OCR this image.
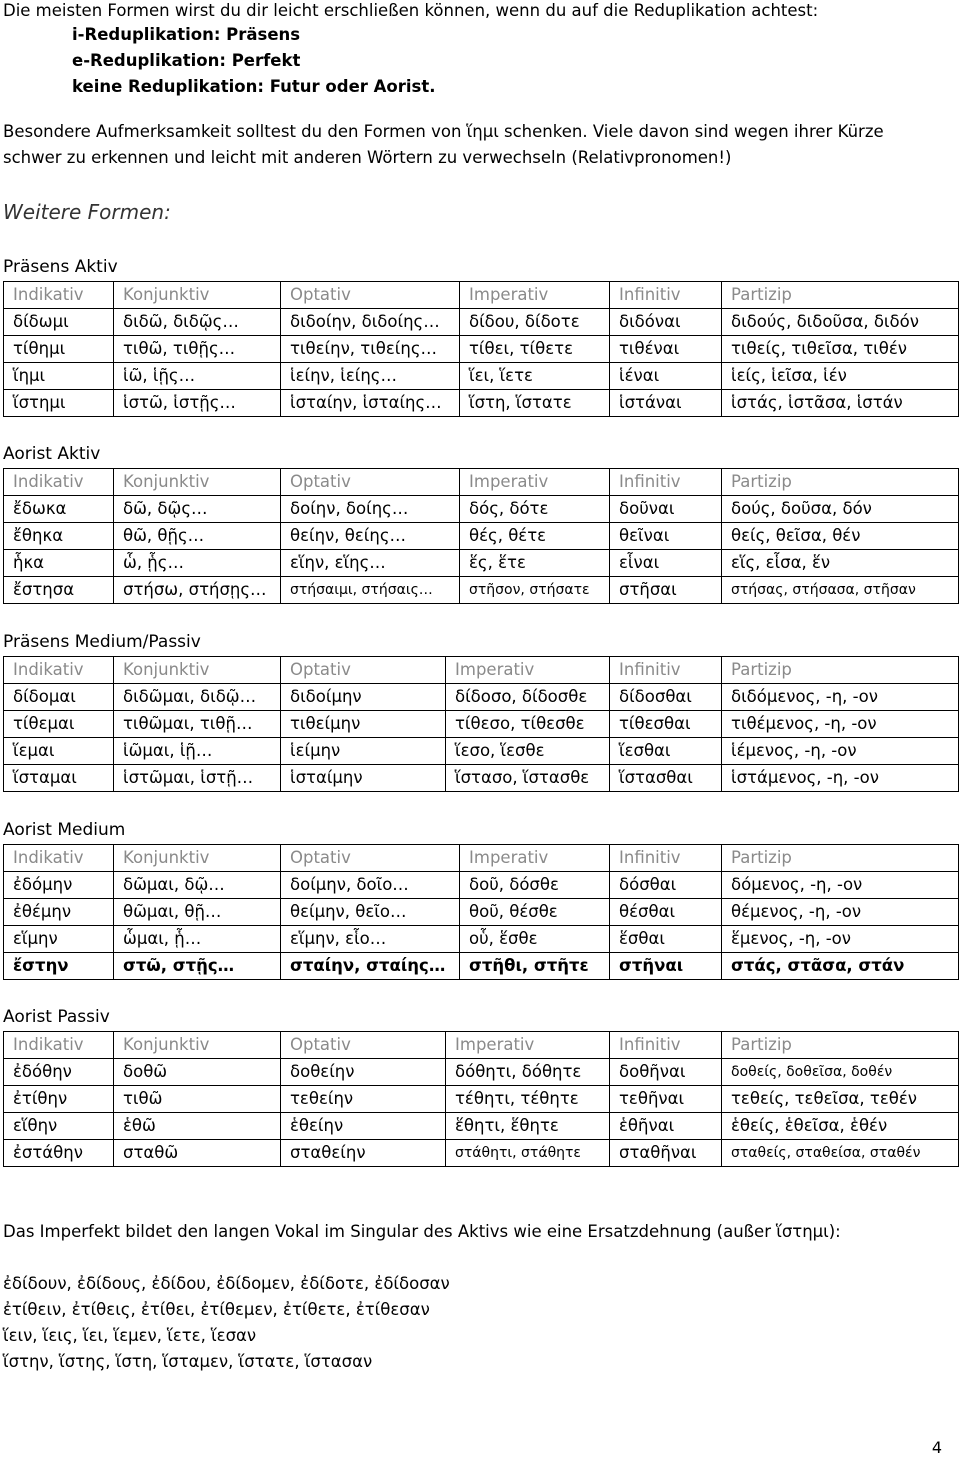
Die meisten Formen wirst du dir leicht erschließen können, wenn du auf die Reduplikation achtest:
i-Reduplikation: Präsens
e-Reduplikation: Perfekt
keine Reduplikation: Futur oder Aorist.
Besondere Aufmerksamkeit solltest du den Formen von ἵημι schenken. Viele davon sind wegen ihrer Kürze
schwer zu erkennen und leicht mit anderen Wörtern zu verwechseln (Relativpronomen!)
Weitere Formen:
Präsens Aktiv
Indikativ	Konjunktiv	Optativ	Imperativ	Infinitiv	Partizip
δίδωμι	διδῶ, διδῷς…	διδοίην, διδοίης…	δίδου, δίδοτε	διδόναι	διδούς, διδοῦσα, διδόν
τίθημι	τιθῶ, τιθῇς…	τιθείην, τιθείης…	τίθει, τίθετε	τιθέναι	τιθείς, τιθεῖσα, τιθέν
ἵημι	ἱῶ, ἱῇς…	ἱείην, ἱείης…	ἵει, ἵετε	ἱέναι	ἱείς, ἱεῖσα, ἱέν
ἵστημι	ἱστῶ, ἱστῇς…	ἱσταίην, ἱσταίης…	ἵστη, ἵστατε	ἱστάναι	ἱστάς, ἱστᾶσα, ἱστάν
Aorist Aktiv
Indikativ	Konjunktiv	Optativ	Imperativ	Infinitiv	Partizip
ἔδωκα	δῶ, δῷς…	δοίην, δοίης…	δός, δότε	δοῦναι	δούς, δοῦσα, δόν
ἔθηκα	θῶ, θῇς…	θείην, θείης…	θές, θέτε	θεῖναι	θείς, θεῖσα, θέν
ἧκα	ὧ, ᾗς…	εἵην, εἵης…	ἕς, ἕτε	εἷναι	εἵς, εἷσα, ἕν
ἔστησα	στήσω, στήσῃς…	στήσαιμι, στήσαις…	στῆσον, στήσατε	στῆσαι	στήσας, στήσασα, στῆσαν
Präsens Medium/Passiv
Indikativ	Konjunktiv	Optativ	Imperativ	Infinitiv	Partizip
δίδομαι	διδῶμαι, διδῷ…	διδοίμην	δίδοσο, δίδοσθε	δίδοσθαι	διδόμενος, -η, -ον
τίθεμαι	τιθῶμαι, τιθῇ…	τιθείμην	τίθεσο, τίθεσθε	τίθεσθαι	τιθέμενος, -η, -ον
ἵεμαι	ἱῶμαι, ἱῇ…	ἱείμην	ἵεσο, ἵεσθε	ἵεσθαι	ἱέμενος, -η, -ον
ἵσταμαι	ἱστῶμαι, ἱστῇ…	ἱσταίμην	ἵστασο, ἵστασθε	ἵστασθαι	ἱστάμενος, -η, -ον
Aorist Medium
Indikativ	Konjunktiv	Optativ	Imperativ	Infinitiv	Partizip
ἐδόμην	δῶμαι, δῷ…	δοίμην, δοῖο…	δοῦ, δόσθε	δόσθαι	δόμενος, -η, -ον
ἐθέμην	θῶμαι, θῇ…	θείμην, θεῖο…	θοῦ, θέσθε	θέσθαι	θέμενος, -η, -ον
εἵμην	ὧμαι, ᾗ…	εἵμην, εἷο…	οὗ, ἕσθε	ἕσθαι	ἕμενος, -η, -ον
ἔστην	στῶ, στῇς…	σταίην, σταίης…	στῆθι, στῆτε	στῆναι	στάς, στᾶσα, στάν
Aorist Passiv
Indikativ	Konjunktiv	Optativ	Imperativ	Infinitiv	Partizip
ἐδόθην	δοθῶ	δοθείην	δόθητι, δόθητε	δοθῆναι	δοθείς, δοθεῖσα, δοθέν
ἐτίθην	τιθῶ	τεθείην	τέθητι, τέθητε	τεθῆναι	τεθείς, τεθεῖσα, τεθέν
εἵθην	ἑθῶ	ἑθείην	ἕθητι, ἕθητε	ἑθῆναι	ἑθείς, ἑθεῖσα, ἑθέν
ἐστάθην	σταθῶ	σταθείην	στάθητι, στάθητε	σταθῆναι	σταθείς, σταθείσα, σταθέν
Das Imperfekt bildet den langen Vokal im Singular des Aktivs wie eine Ersatzdehnung (außer ἵστημι):
ἐδίδουν, ἐδίδους, ἐδίδου, ἐδίδομεν, ἐδίδοτε, ἐδίδοσαν
ἐτίθειν, ἐτίθεις, ἐτίθει, ἐτίθεμεν, ἐτίθετε, ἐτίθεσαν
ἵειν, ἵεις, ἵει, ἵεμεν, ἵετε, ἵεσαν
ἵστην, ἵστης, ἵστη, ἵσταμεν, ἵστατε, ἵστασαν
4
